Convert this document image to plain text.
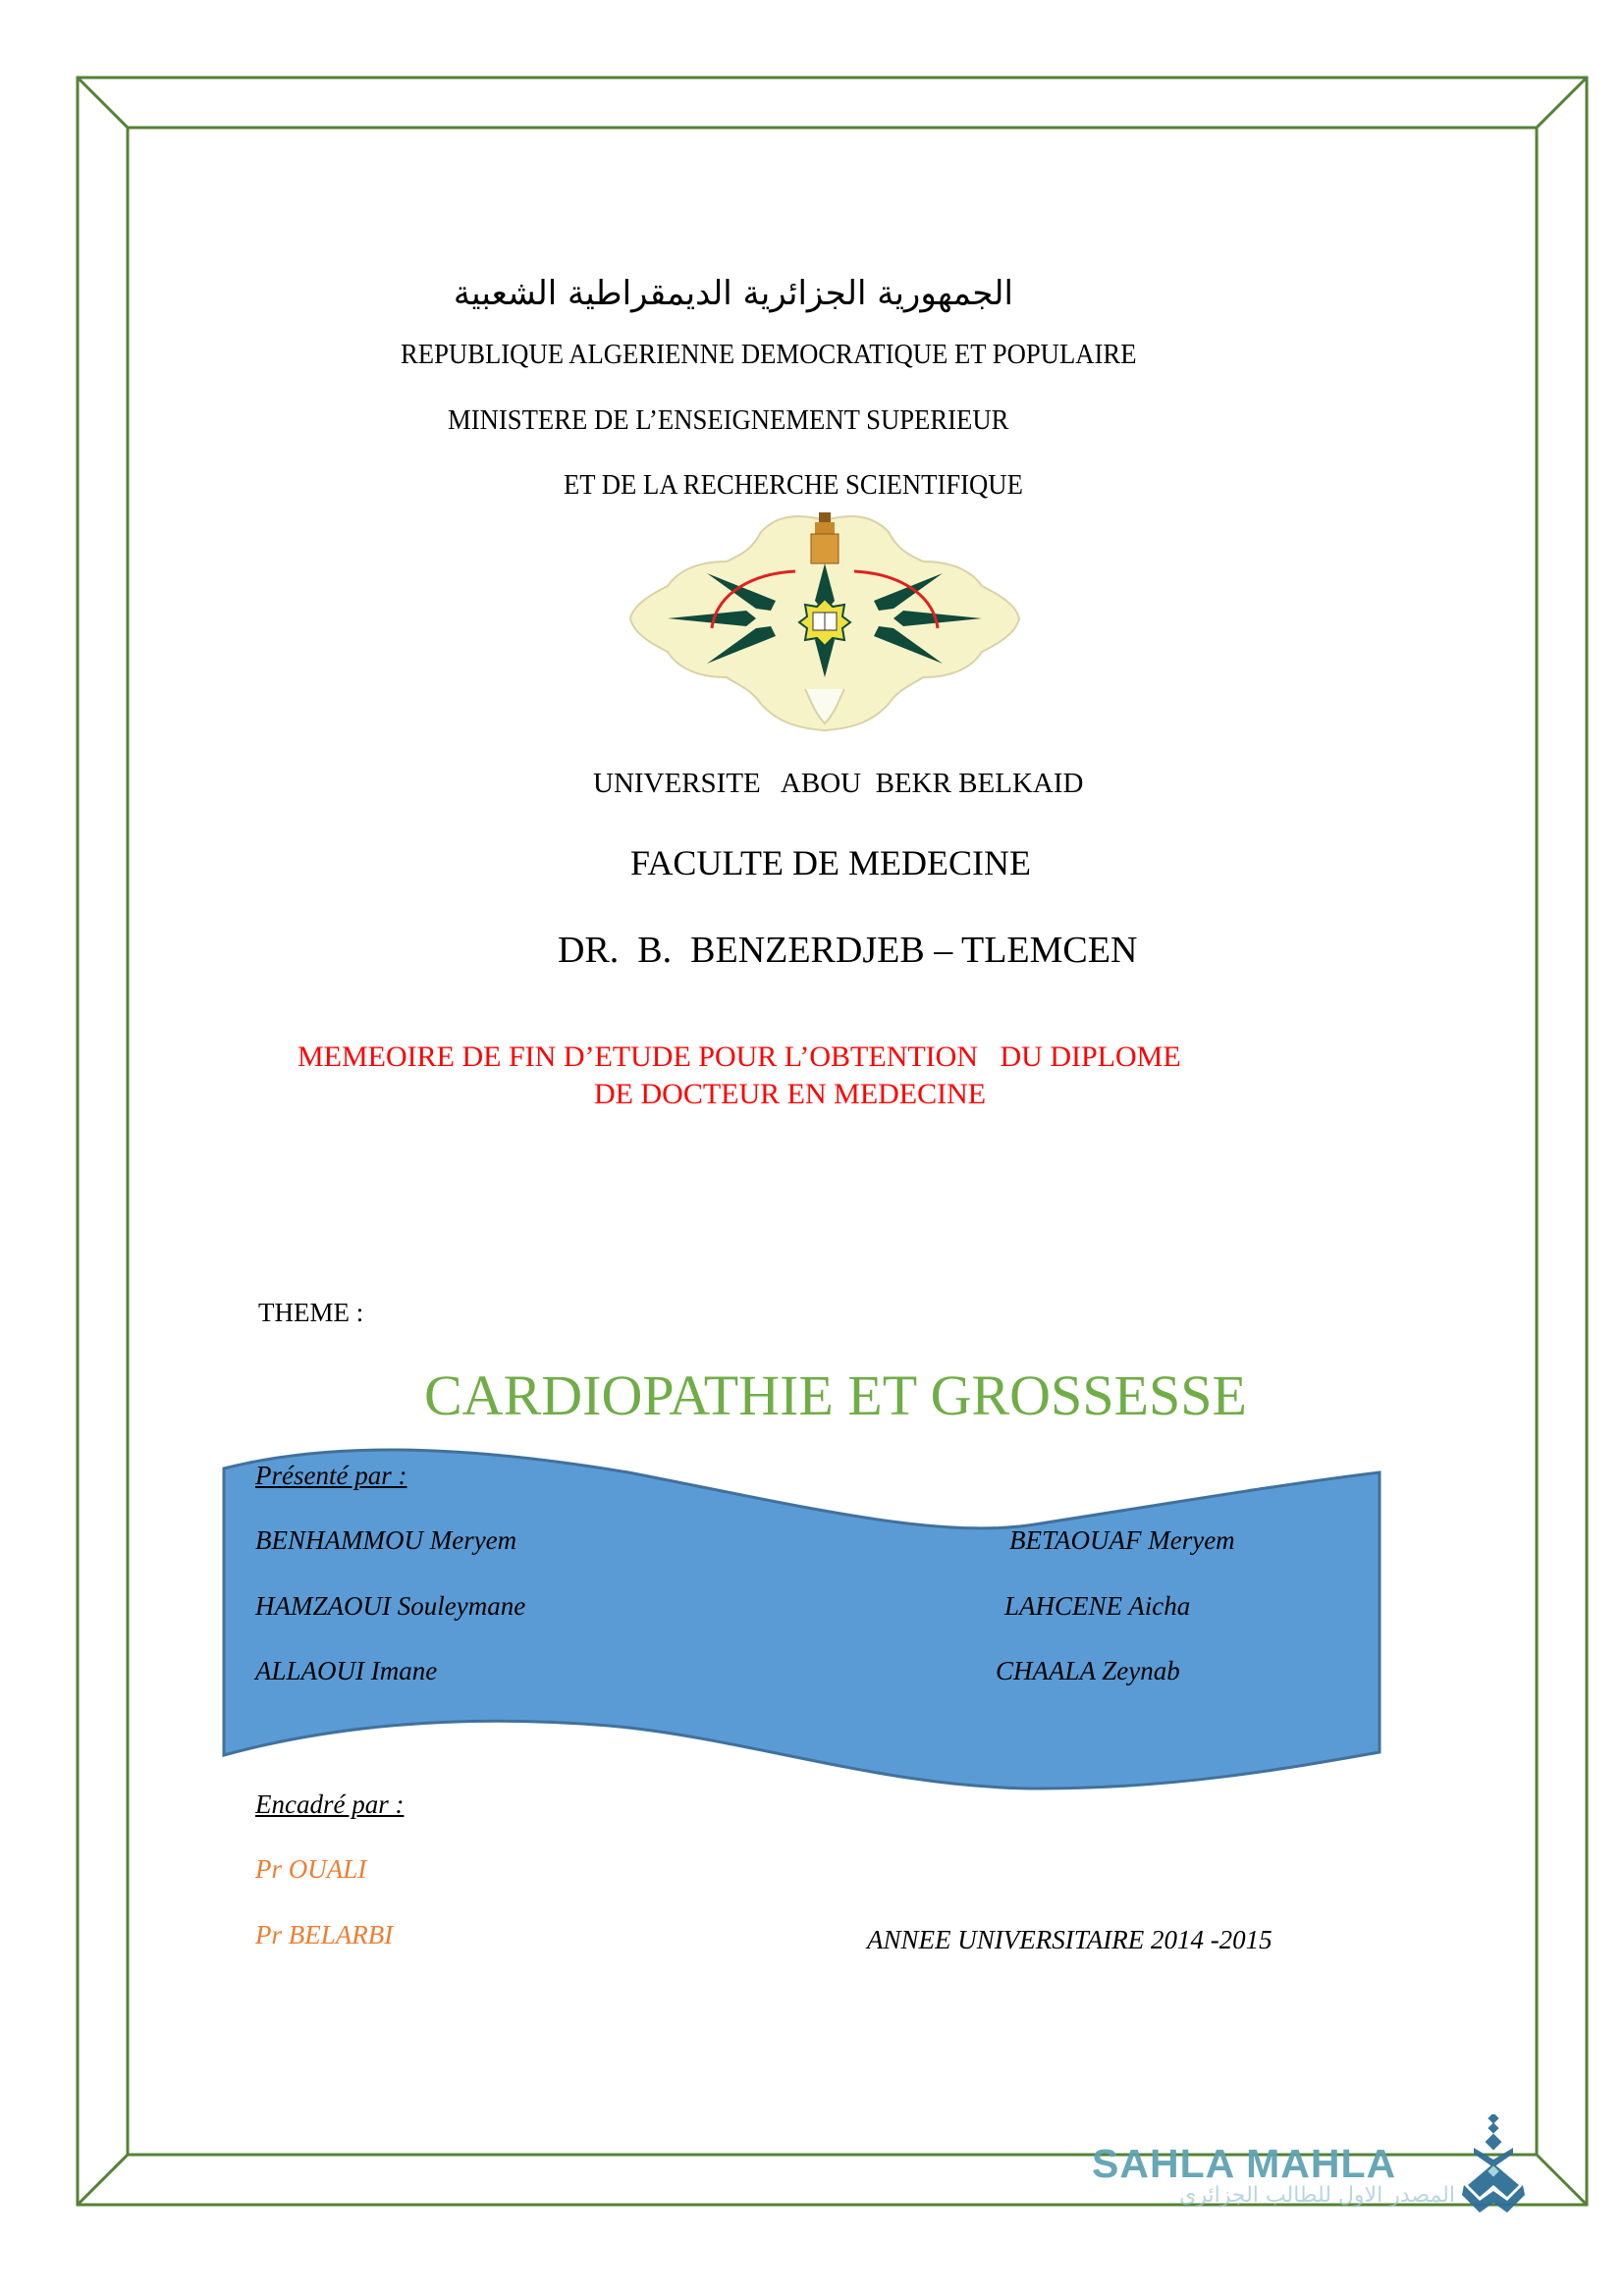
الجمهورية الجزائرية الديمقراطية الشعبية
REPUBLIQUE ALGERIENNE DEMOCRATIQUE ET POPULAIRE
MINISTERE DE L’ENSEIGNEMENT SUPERIEUR
ET DE LA RECHERCHE SCIENTIFIQUE
UNIVERSITE   ABOU  BEKR BELKAID
FACULTE DE MEDECINE
DR.  B.  BENZERDJEB – TLEMCEN
MEMEOIRE DE FIN D’ETUDE POUR L’OBTENTION   DU DIPLOME
DE DOCTEUR EN MEDECINE
THEME :
CARDIOPATHIE ET GROSSESSE
Présenté par :
BENHAMMOU Meryem
HAMZAOUI Souleymane
ALLAOUI Imane
BETAOUAF Meryem
LAHCENE Aicha
CHAALA Zeynab
Encadré par :
Pr OUALI
Pr BELARBI	ANNEE UNIVERSITAIRE 2014 -2015
SAHLA MAHLA
المصدر الاول للطالب الجزائري
